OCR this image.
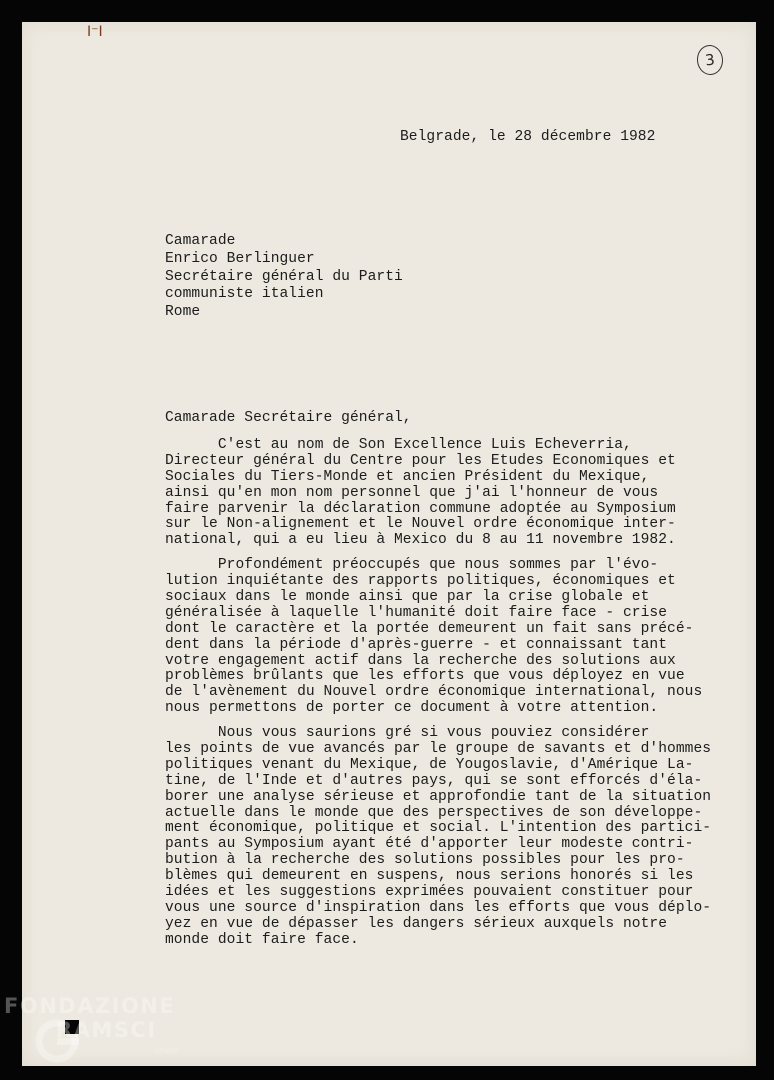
I⁻I
3
Belgrade, le 28 décembre 1982
Camarade
Enrico Berlinguer
Secrétaire général du Parti
communiste italien
Rome
Camarade Secrétaire général,
C'est au nom de Son Excellence Luis Echeverria,
Directeur général du Centre pour les Etudes Economiques et
Sociales du Tiers-Monde et ancien Président du Mexique,
ainsi qu'en mon nom personnel que j'ai l'honneur de vous
faire parvenir la déclaration commune adoptée au Symposium
sur le Non-alignement et le Nouvel ordre économique inter-
national, qui a eu lieu à Mexico du 8 au 11 novembre 1982.
Profondément préoccupés que nous sommes par l'évo-
lution inquiétante des rapports politiques, économiques et
sociaux dans le monde ainsi que par la crise globale et
généralisée à laquelle l'humanité doit faire face - crise
dont le caractère et la portée demeurent un fait sans précé-
dent dans la période d'après-guerre - et connaissant tant
votre engagement actif dans la recherche des solutions aux
problèmes brûlants que les efforts que vous déployez en vue
de l'avènement du Nouvel ordre économique international, nous
nous permettons de porter ce document à votre attention.
Nous vous saurions gré si vous pouviez considérer
les points de vue avancés par le groupe de savants et d'hommes
politiques venant du Mexique, de Yougoslavie, d'Amérique La-
tine, de l'Inde et d'autres pays, qui se sont efforcés d'éla-
borer une analyse sérieuse et approfondie tant de la situation
actuelle dans le monde que des perspectives de son développe-
ment économique, politique et social. L'intention des partici-
pants au Symposium ayant été d'apporter leur modeste contri-
bution à la recherche des solutions possibles pour les pro-
blèmes qui demeurent en suspens, nous serions honorés si les
idées et les suggestions exprimées pouvaient constituer pour
vous une source d'inspiration dans les efforts que vous déplo-
yez en vue de dépasser les dangers sérieux auxquels notre
monde doit faire face.
FONDAZIONE
RAMSCI
online
